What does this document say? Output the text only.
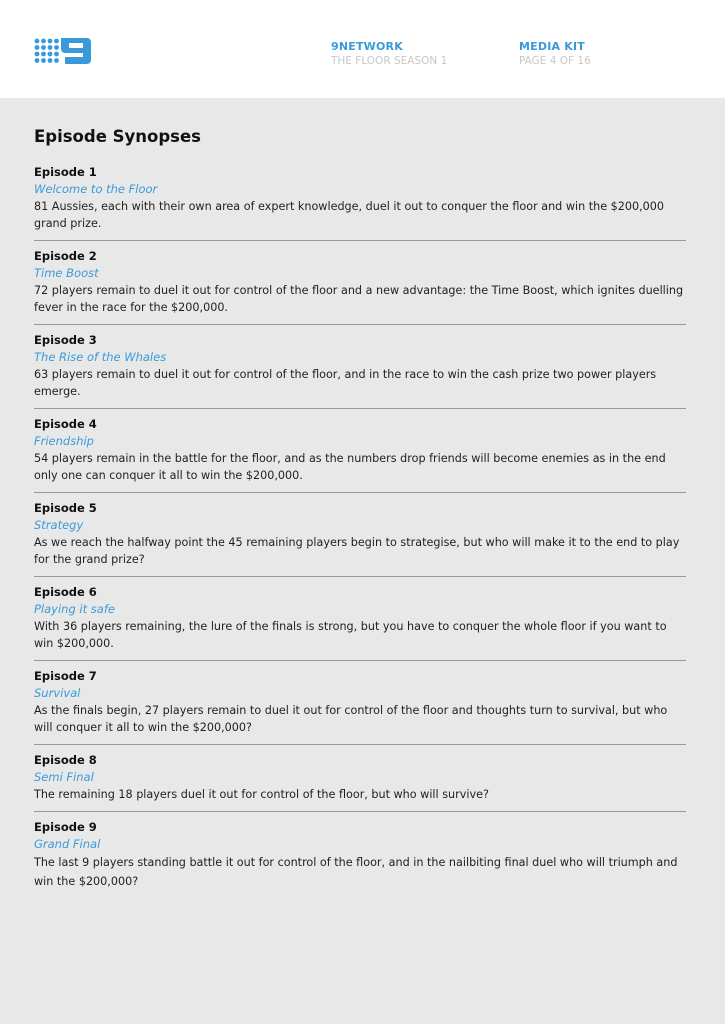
9NETWORK
THE FLOOR SEASON 1
MEDIA KIT
PAGE 4 OF 16
Episode Synopses
Episode 1
Welcome to the Floor
81 Aussies, each with their own area of expert knowledge, duel it out to conquer the floor and win the $200,000 grand prize.
Episode 2
Time Boost
72 players remain to duel it out for control of the floor and a new advantage: the Time Boost, which ignites duelling fever in the race for the $200,000.
Episode 3
The Rise of the Whales
63 players remain to duel it out for control of the floor, and in the race to win the cash prize two power players emerge.
Episode 4
Friendship
54 players remain in the battle for the floor, and as the numbers drop friends will become enemies as in the end only one can conquer it all to win the $200,000.
Episode 5
Strategy
As we reach the halfway point the 45 remaining players begin to strategise, but who will make it to the end to play for the grand prize?
Episode 6
Playing it safe
With 36 players remaining, the lure of the finals is strong, but you have to conquer the whole floor if you want to win $200,000.
Episode 7
Survival
As the finals begin, 27 players remain to duel it out for control of the floor and thoughts turn to survival, but who will conquer it all to win the $200,000?
Episode 8
Semi Final
The remaining 18 players duel it out for control of the floor, but who will survive?
Episode 9
Grand Final
The last 9 players standing battle it out for control of the floor, and in the nailbiting final duel who will triumph and win the $200,000?
